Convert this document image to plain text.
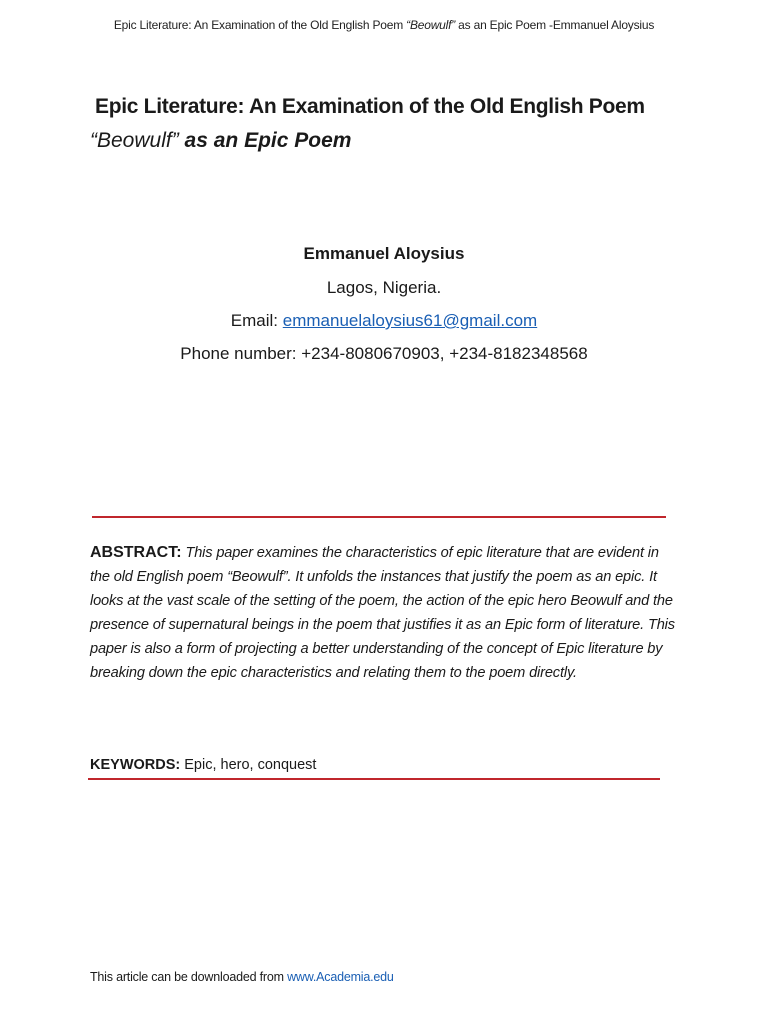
Epic Literature: An Examination of the Old English Poem “Beowulf” as an Epic Poem -Emmanuel Aloysius
Epic Literature: An Examination of the Old English Poem
“Beowulf” as an Epic Poem
Emmanuel Aloysius
Lagos, Nigeria.
Email: emmanuelaloysius61@gmail.com
Phone number: +234-8080670903, +234-8182348568
ABSTRACT: This paper examines the characteristics of epic literature that are evident in the old English poem “Beowulf”. It unfolds the instances that justify the poem as an epic. It looks at the vast scale of the setting of the poem, the action of the epic hero Beowulf and the presence of supernatural beings in the poem that justifies it as an Epic form of literature. This paper is also a form of projecting a better understanding of the concept of Epic literature by breaking down the epic characteristics and relating them to the poem directly.
KEYWORDS: Epic, hero, conquest
This article can be downloaded from www.Academia.edu
